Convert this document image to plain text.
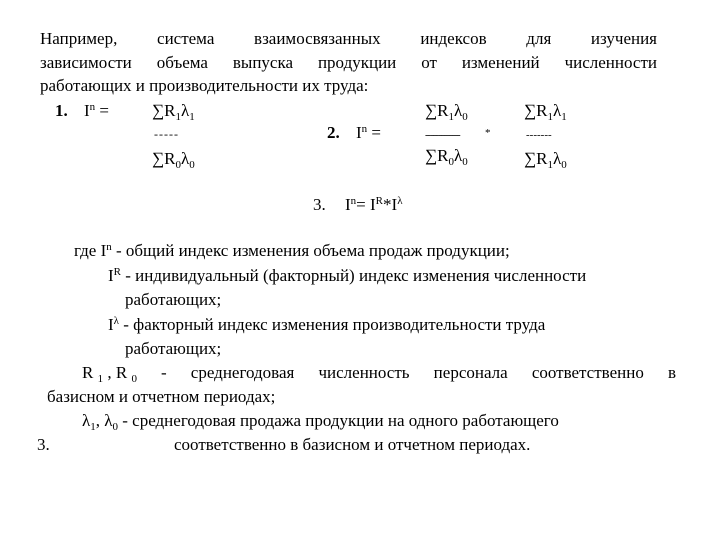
Например, система взаимосвязанных индексов для изучения
зависимости объема выпуска продукции от изменений численности
работающих и производительности их труда:
1. $I^n$ =	$\sum R_1\lambda_1$
-----
$\sum R_0\lambda_0$
2. $I^n$ =
$\sum R_1\lambda_0$
------------- *
$\sum R_0\lambda_0$
$\sum R_1\lambda_1$
-------
$\sum R_1\lambda_0$
3. $I^n= I^R*I^\lambda$
где $I^n$ - общий индекс изменения объема продаж продукции;
$I^R$ - индивидуальный (факторный) индекс изменения численности
работающих;
$I^\lambda$ - факторный индекс изменения производительности труда
работающих;
R $_1$ , R $_0$ - среднегодовая численность персонала соответственно в
базисном и отчетном периодах;
$\lambda_1$, $\lambda_0$ - среднегодовая продажа продукции на одного работающего
3.	соответственно в базисном и отчетном периодах.
